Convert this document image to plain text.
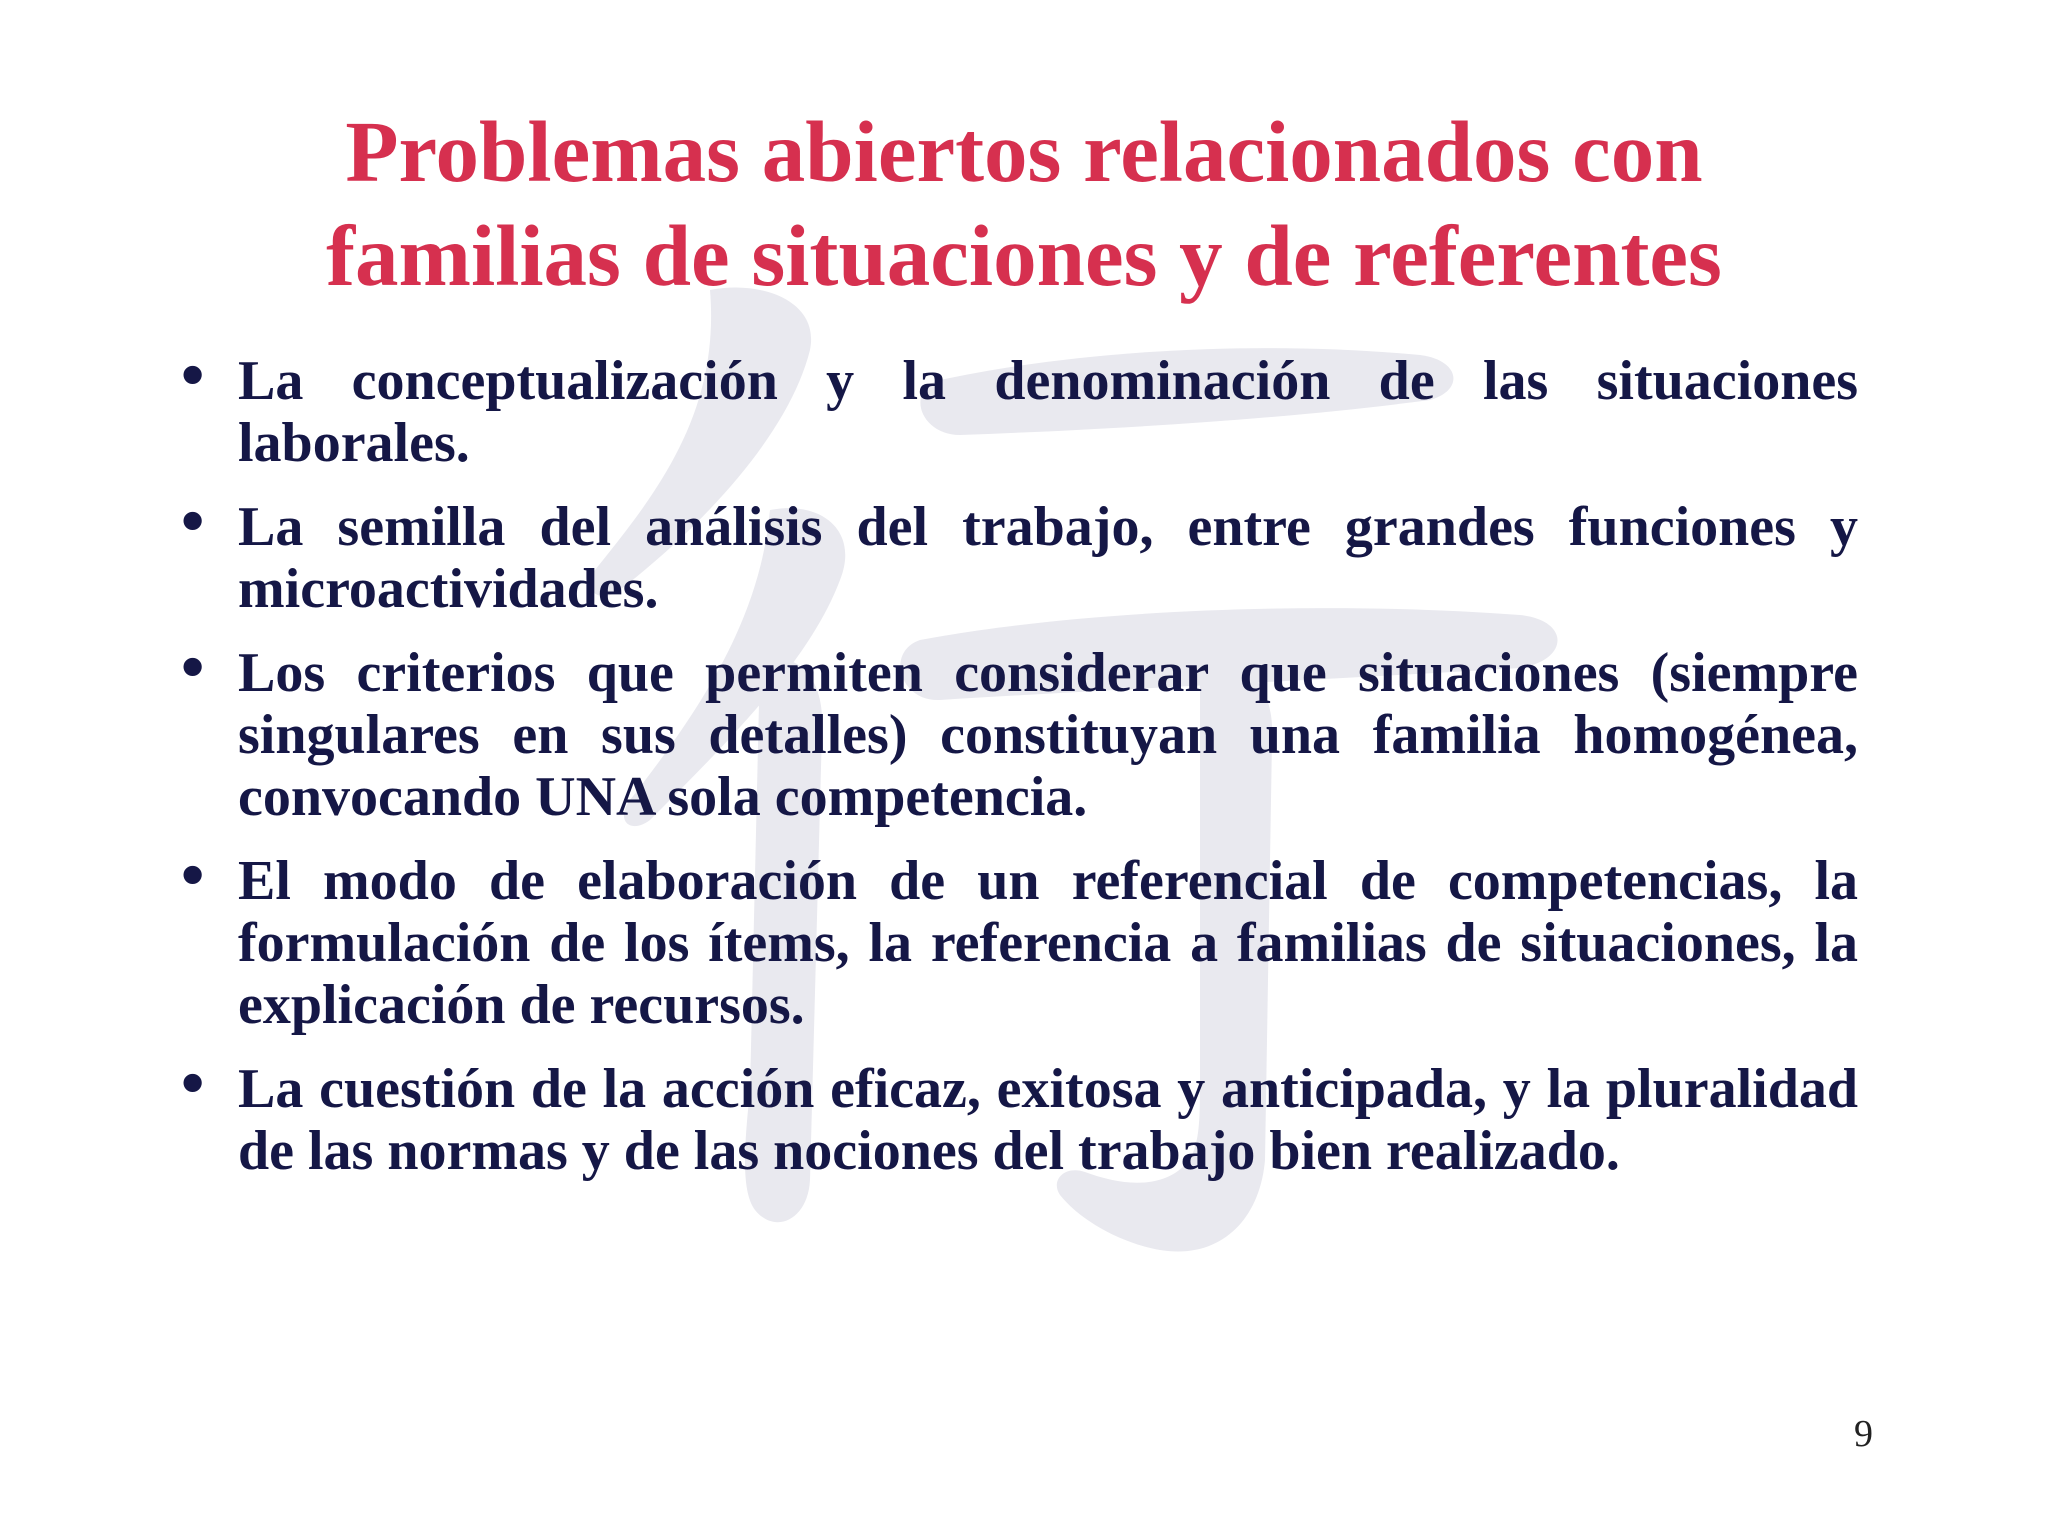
Problemas abiertos relacionados con
familias de situaciones y de referentes
• La conceptualización y la denominación de las situaciones laborales.
• La semilla del análisis del trabajo, entre grandes funciones y microactividades.
• Los criterios que permiten considerar que situaciones (siempre singulares en sus detalles) constituyan una familia homogénea, convocando UNA sola competencia.
• El modo de elaboración de un referencial de competencias, la formulación de los ítems, la referencia a familias de situaciones, la explicación de recursos.
• La cuestión de la acción eficaz, exitosa y anticipada, y la pluralidad de las normas y de las nociones del trabajo bien realizado.
9
